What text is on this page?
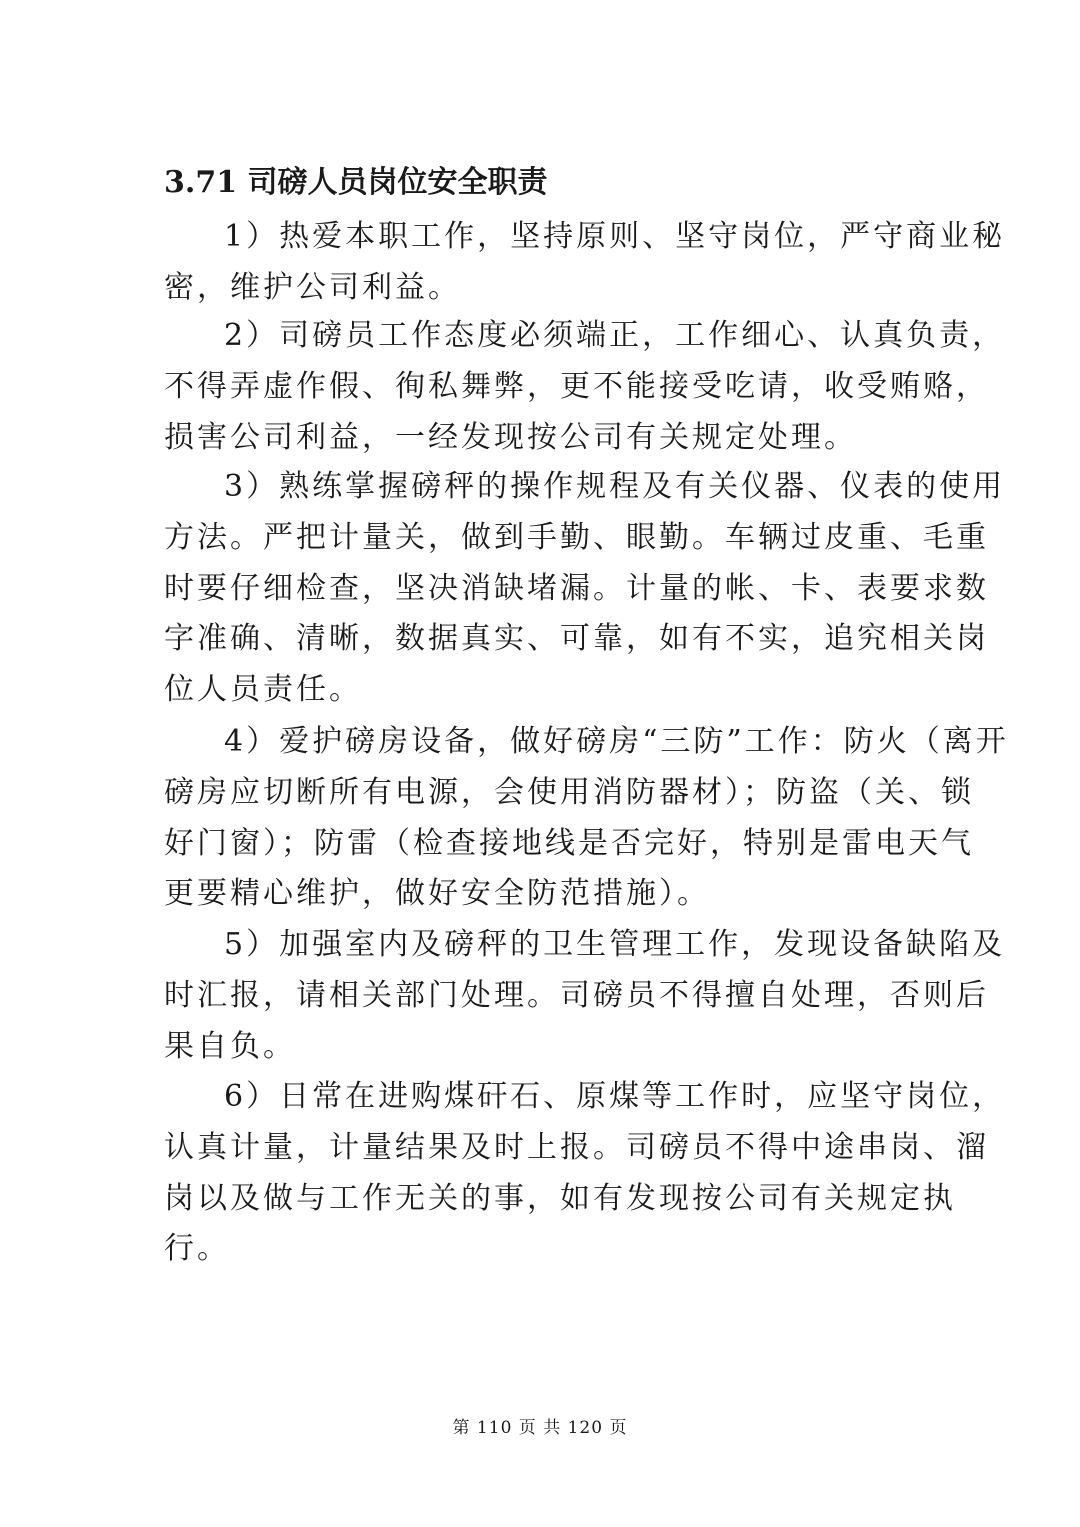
3.71 司磅人员岗位安全职责
1）热爱本职工作，坚持原则、坚守岗位，严守商业秘
密，维护公司利益。
2）司磅员工作态度必须端正，工作细心、认真负责，
不得弄虚作假、徇私舞弊，更不能接受吃请，收受贿赂，
损害公司利益，一经发现按公司有关规定处理。
3）熟练掌握磅秤的操作规程及有关仪器、仪表的使用
方法。严把计量关，做到手勤、眼勤。车辆过皮重、毛重
时要仔细检查，坚决消缺堵漏。计量的帐、卡、表要求数
字准确、清晰，数据真实、可靠，如有不实，追究相关岗
位人员责任。
4）爱护磅房设备，做好磅房“三防”工作：防火（离开
磅房应切断所有电源，会使用消防器材）；防盗（关、锁
好门窗）；防雷（检查接地线是否完好，特别是雷电天气
更要精心维护，做好安全防范措施）。
5）加强室内及磅秤的卫生管理工作，发现设备缺陷及
时汇报，请相关部门处理。司磅员不得擅自处理，否则后
果自负。
6）日常在进购煤矸石、原煤等工作时，应坚守岗位，
认真计量，计量结果及时上报。司磅员不得中途串岗、溜
岗以及做与工作无关的事，如有发现按公司有关规定执
行。
第 110 页 共 120 页
